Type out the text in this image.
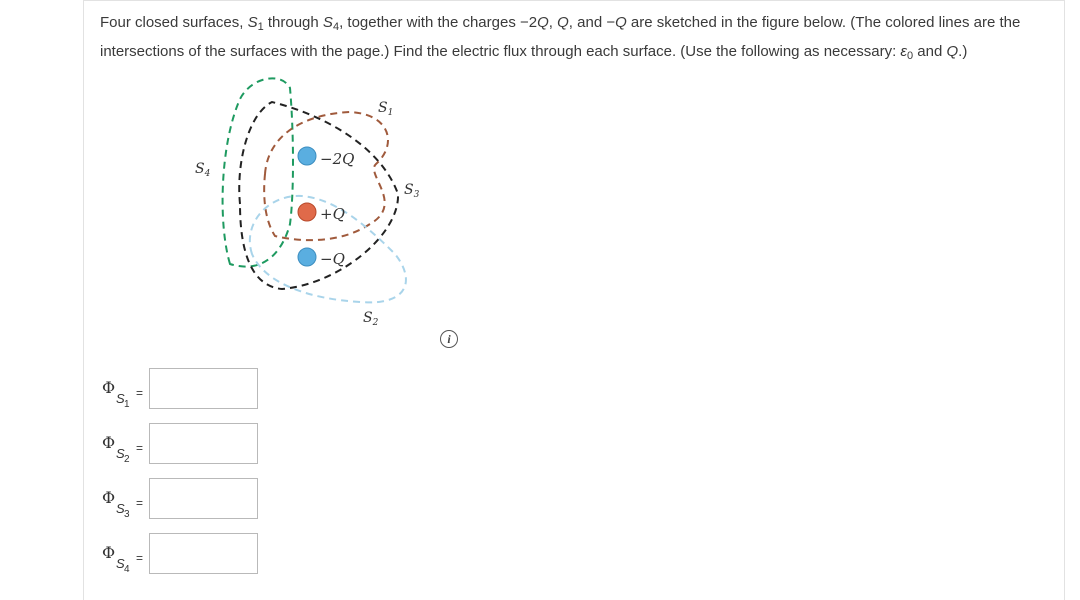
Four closed surfaces, $S_1$ through $S_4$, together with the charges −2Q, Q, and −Q are sketched in the figure below. (The colored lines are the intersections of the surfaces with the page.) Find the electric flux through each surface. (Use the following as necessary: $\varepsilon_0$ and Q.)
−2Q
+Q
−Q
$S_1$
$S_3$
$S_4$
$S_2$
i
Φ
S 1
=
Φ
S 2
=
Φ
S 3
=
Φ
S 4
=
